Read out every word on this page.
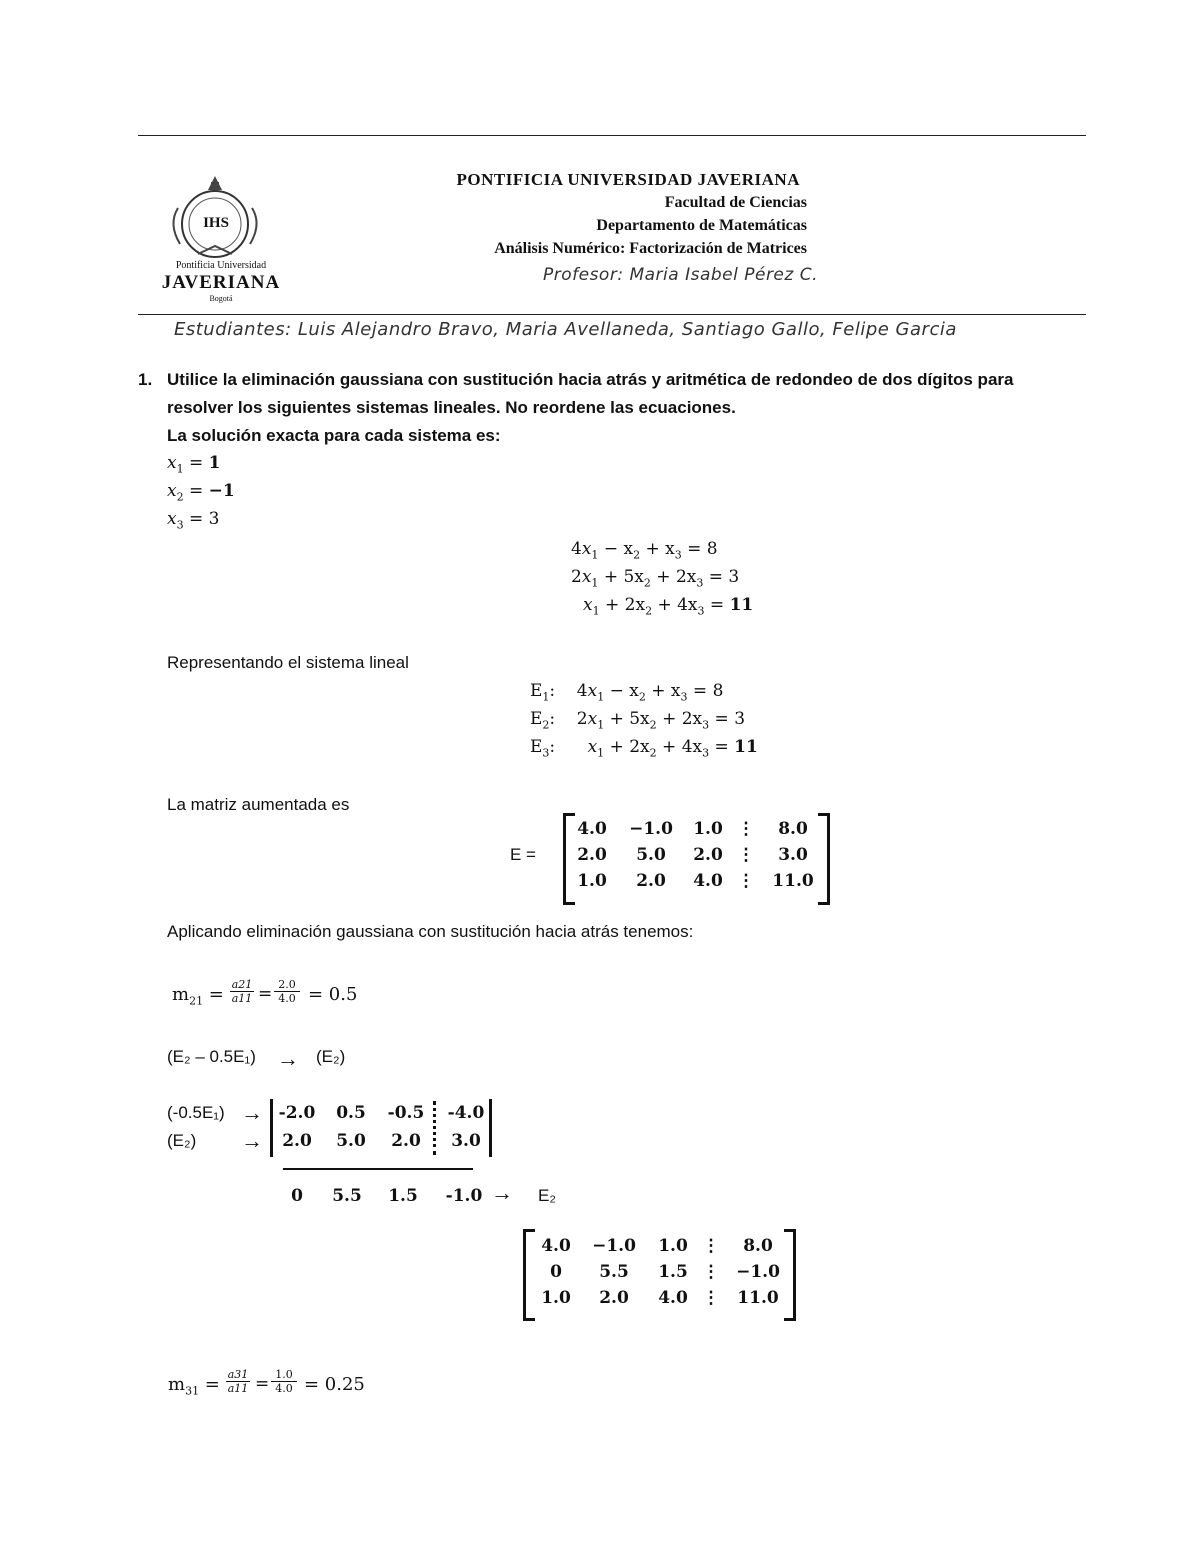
IHS
Pontificia Universidad
JAVERIANA
Bogotá
PONTIFICIA UNIVERSIDAD JAVERIANA
Facultad de Ciencias
Departamento de Matemáticas
Análisis Numérico: Factorización de Matrices
Profesor: Maria Isabel Pérez C.
Estudiantes: Luis Alejandro Bravo, Maria Avellaneda, Santiago Gallo, Felipe Garcia
1. Utilice la eliminación gaussiana con sustitución hacia atrás y aritmética de redondeo de dos dígitos para
resolver los siguientes sistemas lineales. No reordene las ecuaciones.
La solución exacta para cada sistema es:
$x_1 = 1$
$x_2 = -1$
$x_3 = 3$
$4x_1 - x_2 + x_3 = 8$
$2x_1 + 5x_2 + 2x_3 = 3$
$x_1 + 2x_2 + 4x_3 = 11$
Representando el sistema lineal
$E_1$:    $4x_1 - x_2 + x_3 = 8$
$E_2$:    $2x_1 + 5x_2 + 2x_3 = 3$
$E_3$:      $x_1 + 2x_2 + 4x_3 = 11$
La matriz aumentada es
E =
4.0	−1.0	1.0 ⋮	8.0
2.0	5.0	2.0 ⋮	3.0
1.0	2.0	4.0 ⋮	11.0
Aplicando eliminación gaussiana con sustitución hacia atrás tenemos:
$m_{21} = \frac{a21}{a11} = \frac{2.0}{4.0} = 0.5$
(E₂ – 0.5E₁) → (E₂)
(-0.5E₁) →
(E₂) →
-2.0	0.5	-0.5	-4.0
2.0	5.0	2.0	3.0
0	5.5	1.5	-1.0 → E₂
4.0	−1.0	1.0 ⋮	8.0
0	5.5	1.5 ⋮ −1.0
1.0	2.0	4.0 ⋮	11.0
$m_{31} = \frac{a31}{a11} = \frac{1.0}{4.0} = 0.25$
